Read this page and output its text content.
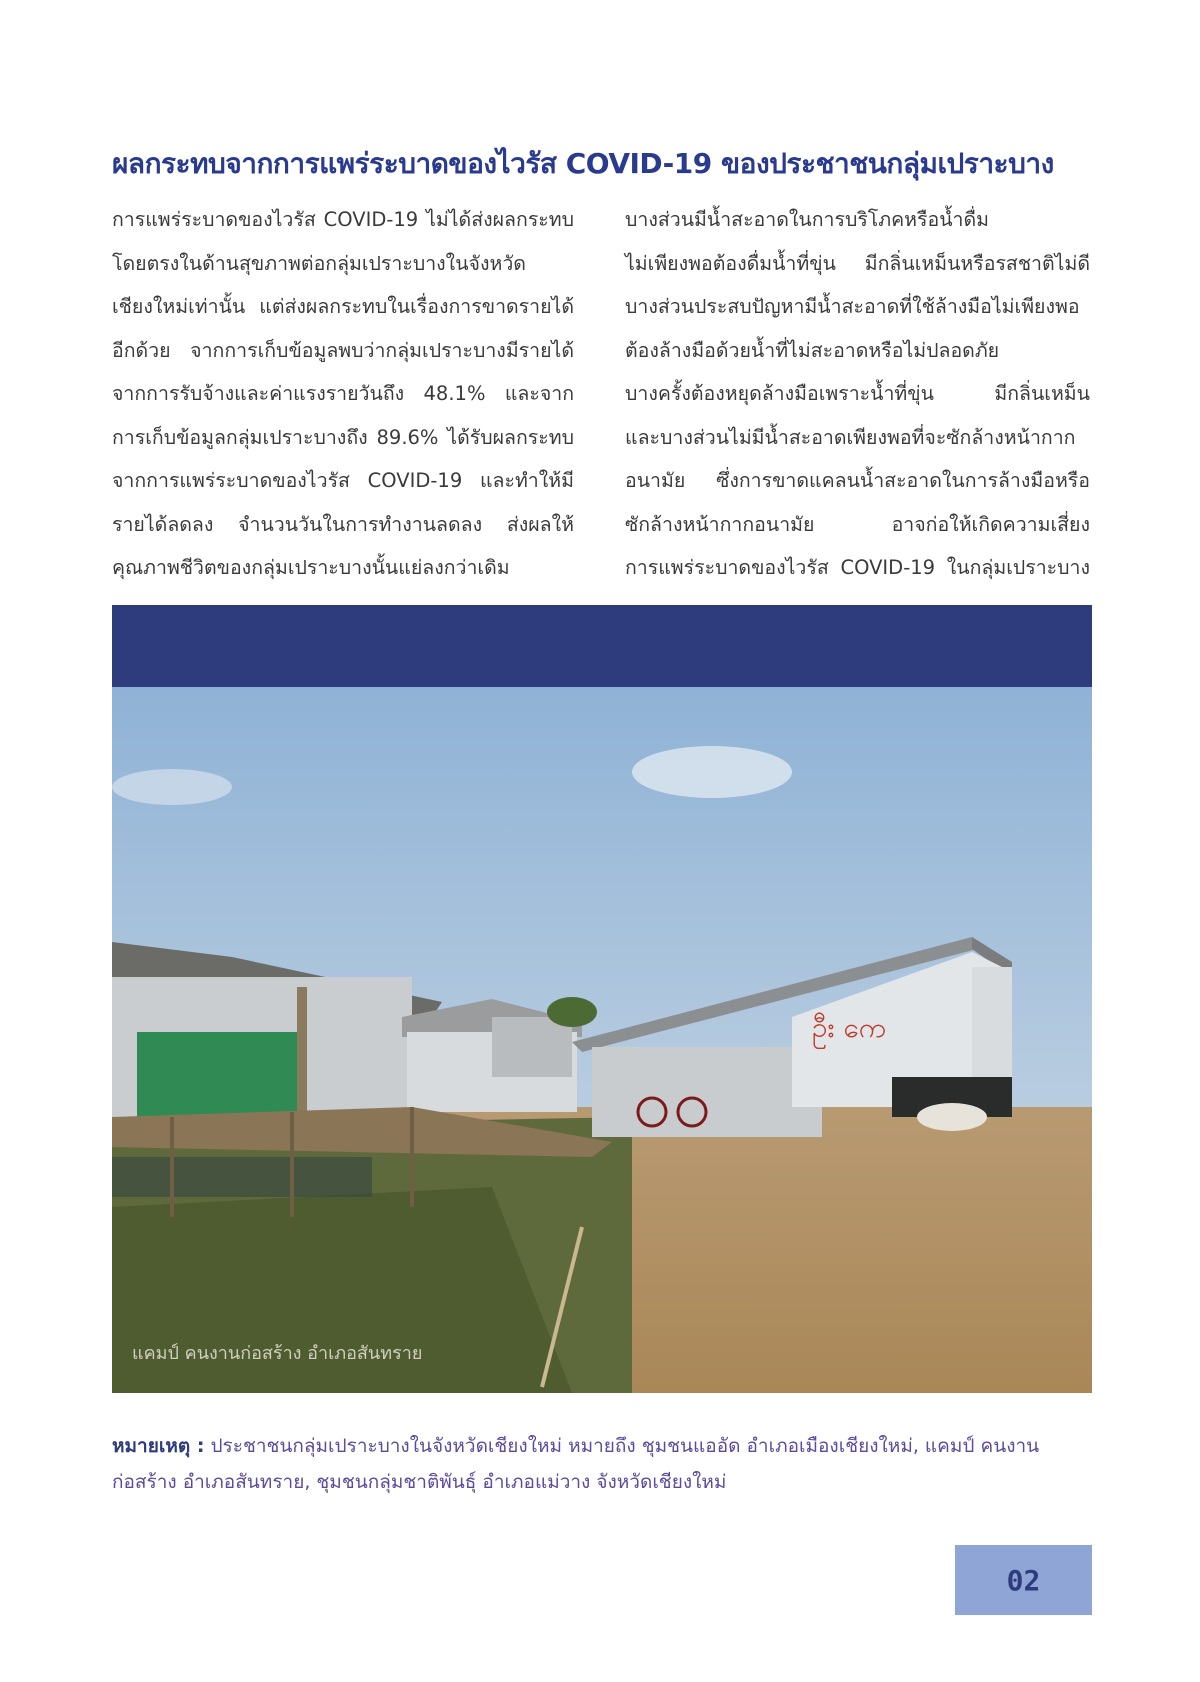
ผลกระทบจากการแพร่ระบาดของไวรัส COVID-19 ของประชาชนกลุ่มเปราะบาง
การแพร่ระบาดของไวรัส COVID-19 ไม่ได้ส่งผลกระทบ
โดยตรงในด้านสุขภาพต่อกลุ่มเปราะบางในจังหวัด
เชียงใหม่เท่านั้น แต่ส่งผลกระทบในเรื่องการขาดรายได้
อีกด้วย จากการเก็บข้อมูลพบว่ากลุ่มเปราะบางมีรายได้
จากการรับจ้างและค่าแรงรายวันถึง 48.1% และจาก
การเก็บข้อมูลกลุ่มเปราะบางถึง 89.6% ได้รับผลกระทบ
จากการแพร่ระบาดของไวรัส COVID-19 และทำให้มี
รายได้ลดลง จำนวนวันในการทำงานลดลง ส่งผลให้
คุณภาพชีวิตของกลุ่มเปราะบางนั้นแย่ลงกว่าเดิม
บางส่วนมีน้ำสะอาดในการบริโภคหรือน้ำดื่ม
ไม่เพียงพอต้องดื่มน้ำที่ขุ่น มีกลิ่นเหม็นหรือรสชาติไม่ดี
บางส่วนประสบปัญหามีน้ำสะอาดที่ใช้ล้างมือไม่เพียงพอ
ต้องล้างมือด้วยน้ำที่ไม่สะอาดหรือไม่ปลอดภัย
บางครั้งต้องหยุดล้างมือเพราะน้ำที่ขุ่น มีกลิ่นเหม็น
และบางส่วนไม่มีน้ำสะอาดเพียงพอที่จะซักล้างหน้ากาก
อนามัย ซึ่งการขาดแคลนน้ำสะอาดในการล้างมือหรือ
ซักล้างหน้ากากอนามัย อาจก่อให้เกิดความเสี่ยง
การแพร่ระบาดของไวรัส COVID-19 ในกลุ่มเปราะบาง
ဦး ကေ
แคมป์ คนงานก่อสร้าง อำเภอสันทราย
หมายเหตุ : ประชาชนกลุ่มเปราะบางในจังหวัดเชียงใหม่ หมายถึง ชุมชนแออัด อำเภอเมืองเชียงใหม่, แคมป์ คนงานก่อสร้าง อำเภอสันทราย, ชุมชนกลุ่มชาติพันธุ์ อำเภอแม่วาง จังหวัดเชียงใหม่
02
